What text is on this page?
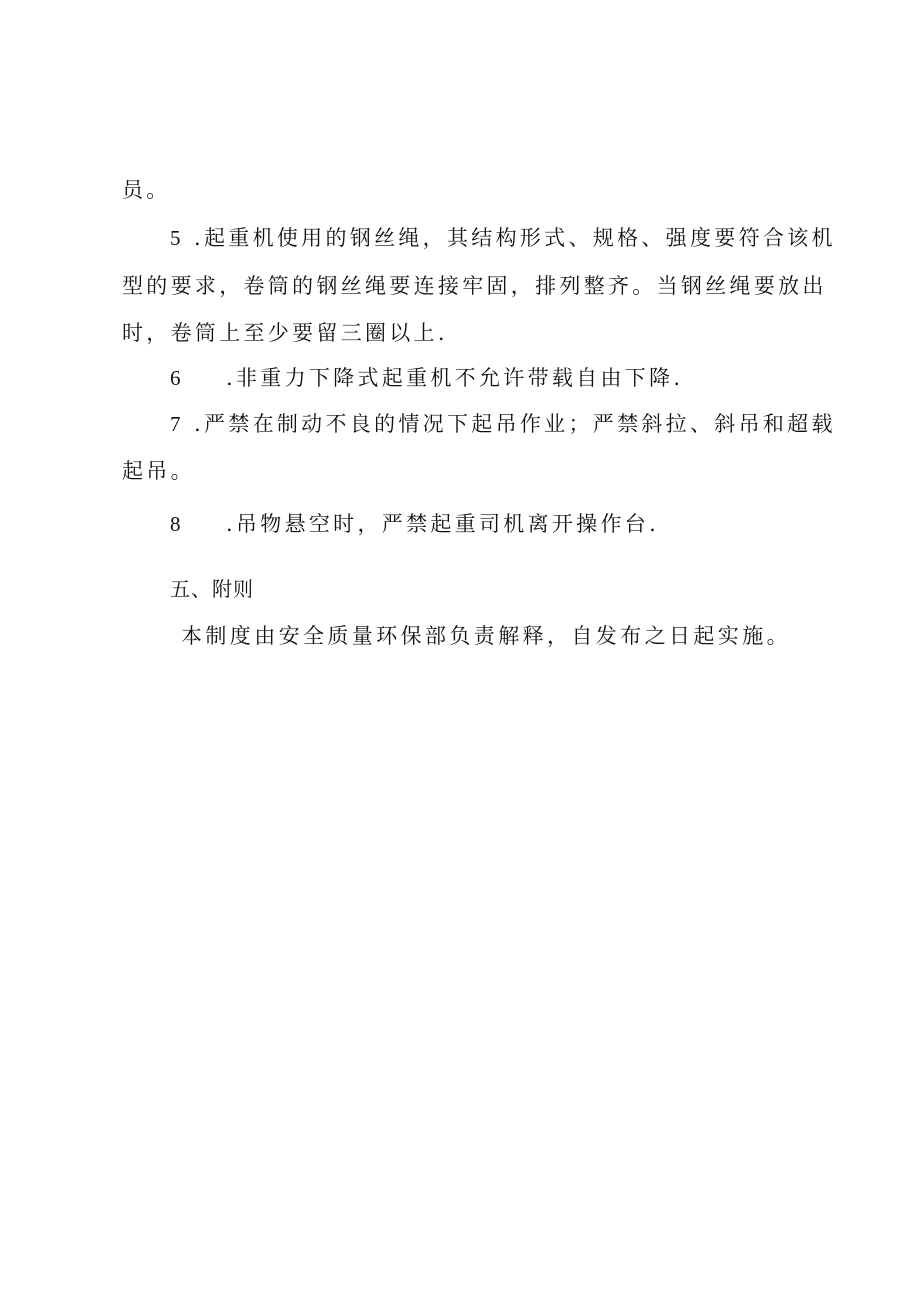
员。
5 .起重机使用的钢丝绳，其结构形式、规格、强度要符合该机
型的要求，卷筒的钢丝绳要连接牢固，排列整齐。当钢丝绳要放出
时，卷筒上至少要留三圈以上.
6 .非重力下降式起重机不允许带载自由下降.
7 .严禁在制动不良的情况下起吊作业；严禁斜拉、斜吊和超载
起吊。
8 .吊物悬空时，严禁起重司机离开操作台.
五、附则
本制度由安全质量环保部负责解释，自发布之日起实施。
